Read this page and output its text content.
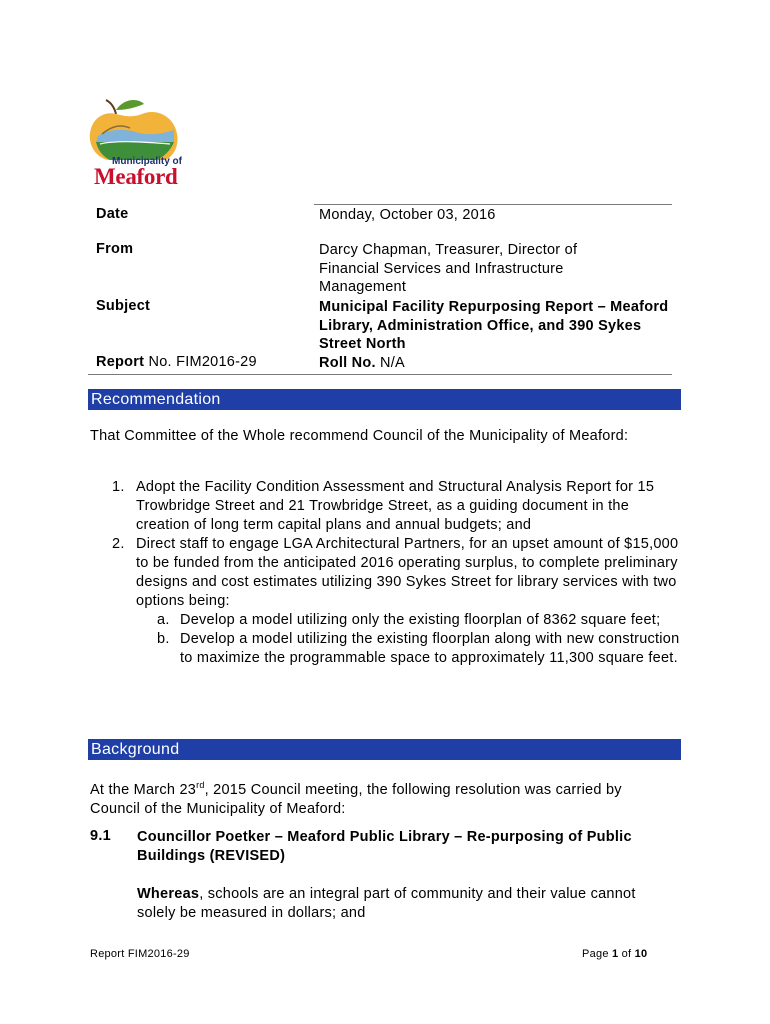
Municipality of
Meaford
Date	Monday, October 03, 2016
From	Darcy Chapman, Treasurer, Director of Financial Services and Infrastructure Management
Subject	Municipal Facility Repurposing Report – Meaford Library, Administration Office, and 390 Sykes Street North
Report No. FIM2016-29	Roll No. N/A
Recommendation
That Committee of the Whole recommend Council of the Municipality of Meaford:
1. Adopt the Facility Condition Assessment and Structural Analysis Report for 15 Trowbridge Street and 21 Trowbridge Street, as a guiding document in the creation of long term capital plans and annual budgets; and
2. Direct staff to engage LGA Architectural Partners, for an upset amount of $15,000 to be funded from the anticipated 2016 operating surplus, to complete preliminary designs and cost estimates utilizing 390 Sykes Street for library services with two options being:
a. Develop a model utilizing only the existing floorplan of 8362 square feet;
b. Develop a model utilizing the existing floorplan along with new construction to maximize the programmable space to approximately 11,300 square feet.
Background
At the March 23rd, 2015 Council meeting, the following resolution was carried by Council of the Municipality of Meaford:
9.1 Councillor Poetker – Meaford Public Library – Re-purposing of Public Buildings (REVISED)
Whereas, schools are an integral part of community and their value cannot solely be measured in dollars; and
Report FIM2016-29	Page 1 of 10
